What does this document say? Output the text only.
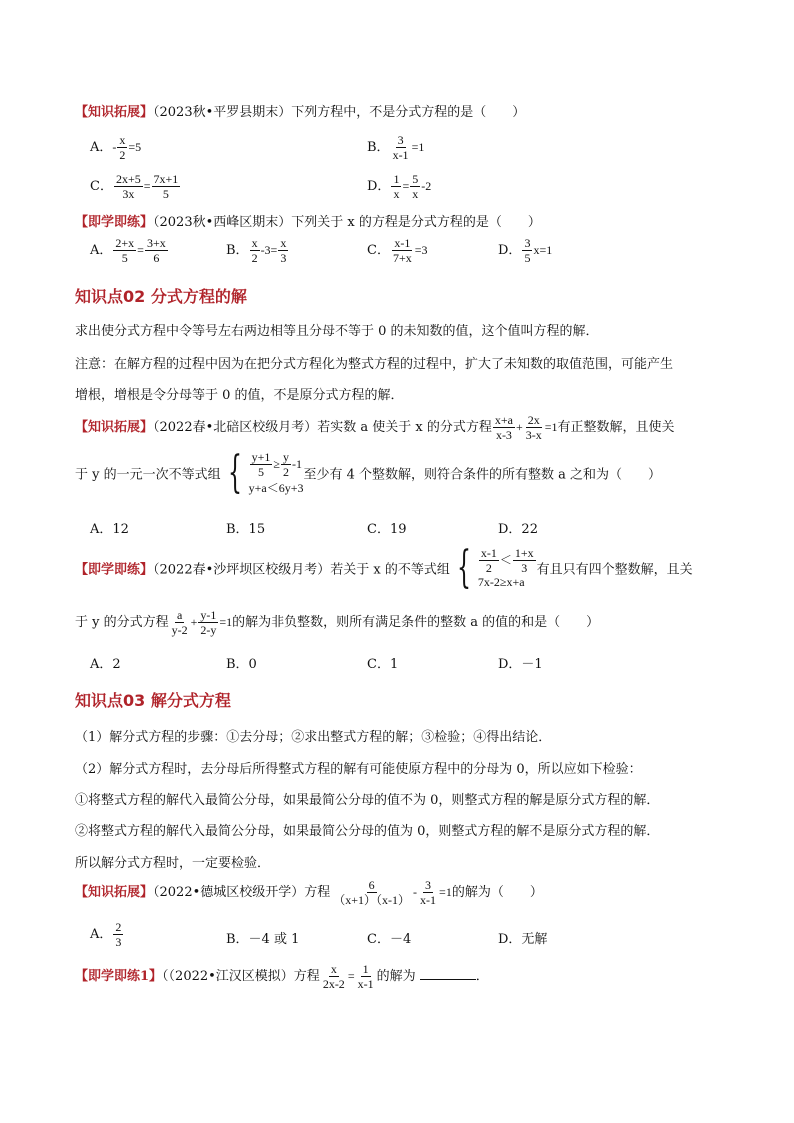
【知识拓展】（2023秋•平罗县期末）下列方程中，不是分式方程的是（　　）
A．- $\frac{x}{2} =5$	B． $\frac{3}{x-1} =1$
C． $\frac{2x+5}{3x} = \frac{7x+1}{5}$	D． $\frac{1}{x} = \frac{5}{x} -2$
【即学即练】（2023秋•西峰区期末）下列关于 x 的方程是分式方程的是（　　）
A． $\frac{2+x}{5} = \frac{3+x}{6}$	B． $\frac{x}{2} -3= \frac{x}{3}$	C． $\frac{x-1}{7+x} =3$	D． $\frac{3}{5} x=1$
知识点02 分式方程的解
求出使分式方程中令等号左右两边相等且分母不等于 0 的未知数的值，这个值叫方程的解．
注意：在解方程的过程中因为在把分式方程化为整式方程的过程中，扩大了未知数的取值范围，可能产生
增根，增根是令分母等于 0 的值，不是原分式方程的解．
【知识拓展】（2022春•北碚区校级月考）若实数 a 使关于 x 的分式方程 $\frac{x+a}{x-3} + \frac{2x}{3-x} =1$有正整数解，且使关
于 y 的一元一次不等式组 { $\frac{y+1}{5} \ge \frac{y}{2} -1$
y+a＜6y+3
至少有 4 个整数解，则符合条件的所有整数 a 之和为（　　）
A．12	B．15	C．19	D．22
【即学即练】（2022春•沙坪坝区校级月考）若关于 x 的不等式组 { $\frac{x-1}{2} < \frac{1+x}{3}$
7x-2≥x+a
有且只有四个整数解，且关
于 y 的分式方程 $\frac{a}{y-2} + \frac{y-1}{2-y} =1$的解为非负整数，则所有满足条件的整数 a 的值的和是（　　）
A．2	B．0	C．1	D．－1
知识点03 解分式方程
（1）解分式方程的步骤：①去分母；②求出整式方程的解；③检验；④得出结论．
（2）解分式方程时，去分母后所得整式方程的解有可能使原方程中的分母为 0，所以应如下检验：
①将整式方程的解代入最简公分母，如果最简公分母的值不为 0，则整式方程的解是原分式方程的解．
②将整式方程的解代入最简公分母，如果最简公分母的值为 0，则整式方程的解不是原分式方程的解．
所以解分式方程时，一定要检验．
【知识拓展】（2022•德城区校级开学）方程 $\frac{6}{(x+1)(x-1)} - \frac{3}{x-1} =1$的解为（　　）
A． $\frac{2}{3}$	B．－4 或 1	C．－4	D．无解
【即学即练1】（（2022•江汉区模拟）方程 $\frac{x}{2x-2} = \frac{1}{x-1}$ 的解为	．
